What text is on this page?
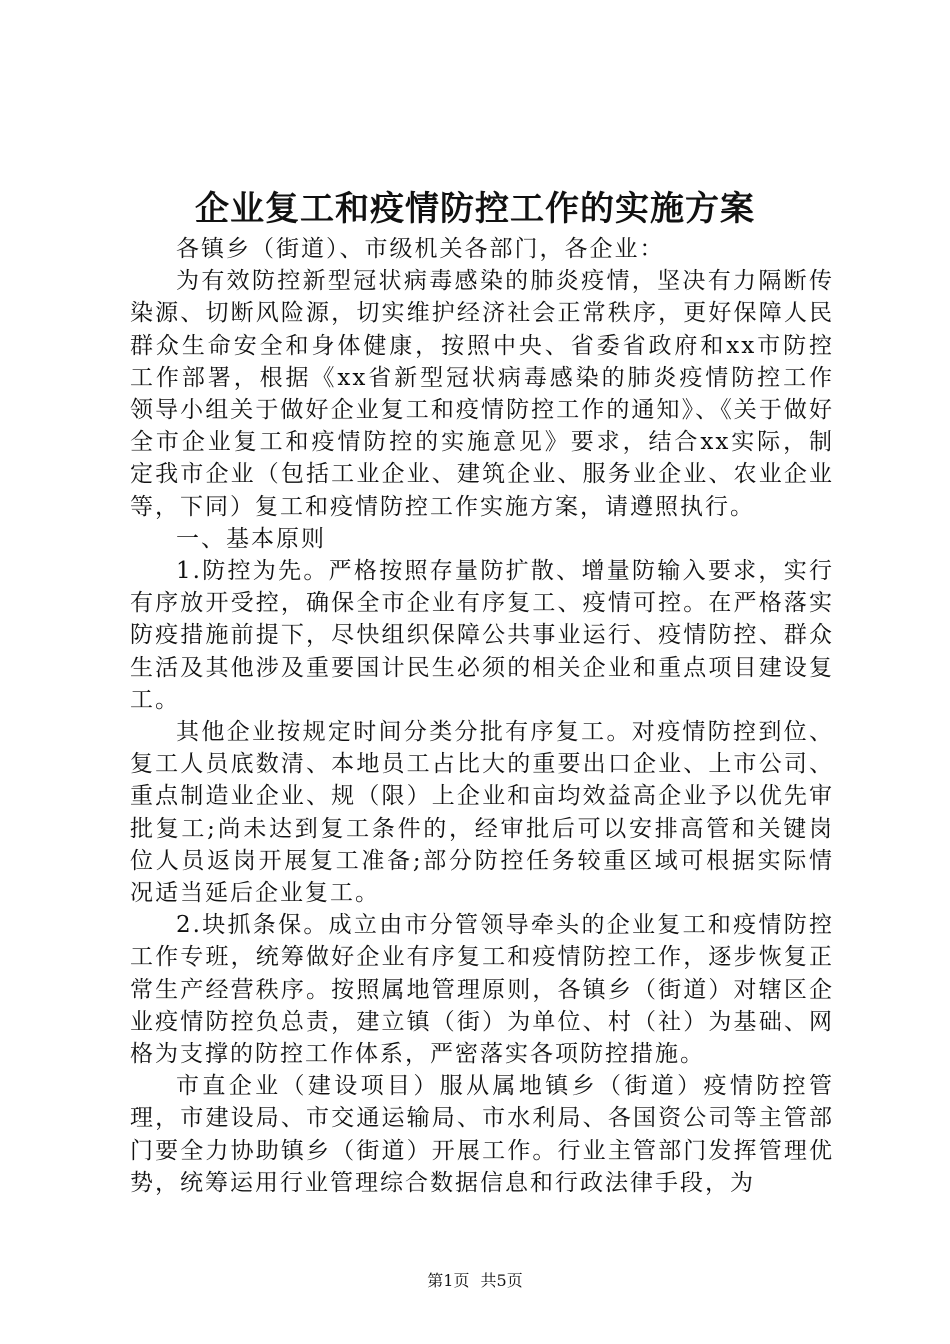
企业复工和疫情防控工作的实施方案

各镇乡（街道）、市级机关各部门，各企业：

为有效防控新型冠状病毒感染的肺炎疫情，坚决有力隔断传染源、切断风险源，切实维护经济社会正常秩序，更好保障人民群众生命安全和身体健康，按照中央、省委省政府和xx市防控工作部署，根据《xx省新型冠状病毒感染的肺炎疫情防控工作领导小组关于做好企业复工和疫情防控工作的通知》、《关于做好全市企业复工和疫情防控的实施意见》要求，结合xx实际，制定我市企业（包括工业企业、建筑企业、服务业企业、农业企业等，下同）复工和疫情防控工作实施方案，请遵照执行。

一、基本原则

1.防控为先。严格按照存量防扩散、增量防输入要求，实行有序放开受控，确保全市企业有序复工、疫情可控。在严格落实防疫措施前提下，尽快组织保障公共事业运行、疫情防控、群众生活及其他涉及重要国计民生必须的相关企业和重点项目建设复工。

其他企业按规定时间分类分批有序复工。对疫情防控到位、复工人员底数清、本地员工占比大的重要出口企业、上市公司、重点制造业企业、规（限）上企业和亩均效益高企业予以优先审批复工;尚未达到复工条件的，经审批后可以安排高管和关键岗位人员返岗开展复工准备;部分防控任务较重区域可根据实际情况适当延后企业复工。

2.块抓条保。成立由市分管领导牵头的企业复工和疫情防控工作专班，统筹做好企业有序复工和疫情防控工作，逐步恢复正常生产经营秩序。按照属地管理原则，各镇乡（街道）对辖区企业疫情防控负总责，建立镇（街）为单位、村（社）为基础、网格为支撑的防控工作体系，严密落实各项防控措施。

市直企业（建设项目）服从属地镇乡（街道）疫情防控管理，市建设局、市交通运输局、市水利局、各国资公司等主管部门要全力协助镇乡（街道）开展工作。行业主管部门发挥管理优势，统筹运用行业管理综合数据信息和行政法律手段，为

第1页 共5页
